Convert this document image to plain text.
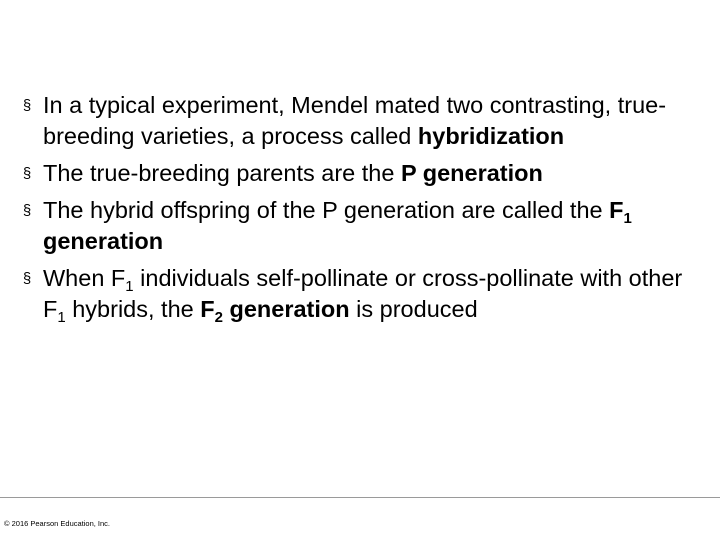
§
In a typical experiment, Mendel mated two contrasting, true-breeding varieties, a process called hybridization
§
The true-breeding parents are the P generation
§
The hybrid offspring of the P generation are called the $F_1$ generation
§
When $F_1$ individuals self-pollinate or cross-pollinate with other $F_1$ hybrids, the $F_2$ generation is produced
© 2016 Pearson Education, Inc.
